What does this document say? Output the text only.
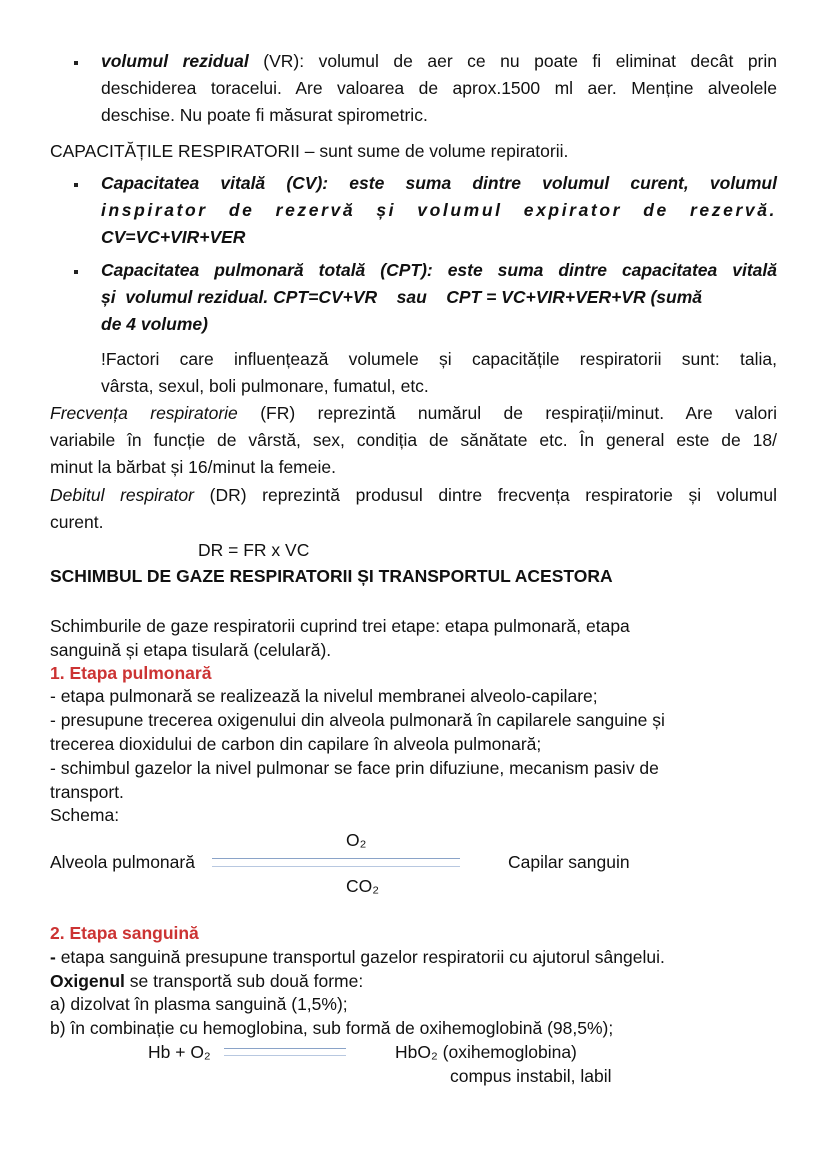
volumul rezidual (VR): volumul de aer ce nu poate fi eliminat decât prin
deschiderea toracelui. Are valoarea de aprox.1500 ml aer. Menține alveolele
deschise. Nu poate fi măsurat spirometric.
CAPACITĂȚILE RESPIRATORII – sunt sume de volume repiratorii.
Capacitatea vitală (CV): este suma dintre volumul curent, volumul
inspirator de rezervă și volumul expirator de rezervă.
CV=VC+VIR+VER
Capacitatea pulmonară totală (CPT): este suma dintre capacitatea vitală
și  volumul rezidual. CPT=CV+VR    sau    CPT = VC+VIR+VER+VR (sumă
de 4 volume)
!Factori care influențează volumele și capacitățile respiratorii sunt: talia,
vârsta, sexul, boli pulmonare, fumatul, etc.
Frecvența respiratorie (FR) reprezintă numărul de respirații/minut. Are valori
variabile în funcție de vârstă, sex, condiția de sănătate etc. În general este de 18/
minut la bărbat și 16/minut la femeie.
Debitul respirator (DR) reprezintă produsul dintre frecvența respiratorie și volumul
curent.
DR = FR x VC
SCHIMBUL DE GAZE RESPIRATORII ȘI TRANSPORTUL ACESTORA
Schimburile de gaze respiratorii cuprind trei etape: etapa pulmonară, etapa
sanguină și etapa tisulară (celulară).
1. Etapa pulmonară
- etapa pulmonară se realizează la nivelul membranei alveolo-capilare;
- presupune trecerea oxigenului din alveola pulmonară în capilarele sanguine și
trecerea dioxidului de carbon din capilare în alveola pulmonară;
- schimbul gazelor la nivel pulmonar se face prin difuziune, mecanism pasiv de
transport.
Schema:
O₂
Alveola pulmonară	Capilar sanguin
CO₂
2. Etapa sanguină
- etapa sanguină presupune transportul gazelor respiratorii cu ajutorul sângelui.
Oxigenul se transportă sub două forme:
a) dizolvat în plasma sanguină (1,5%);
b) în combinație cu hemoglobina, sub formă de oxihemoglobină (98,5%);
Hb + O₂	HbO₂ (oxihemoglobina)
compus instabil, labil
